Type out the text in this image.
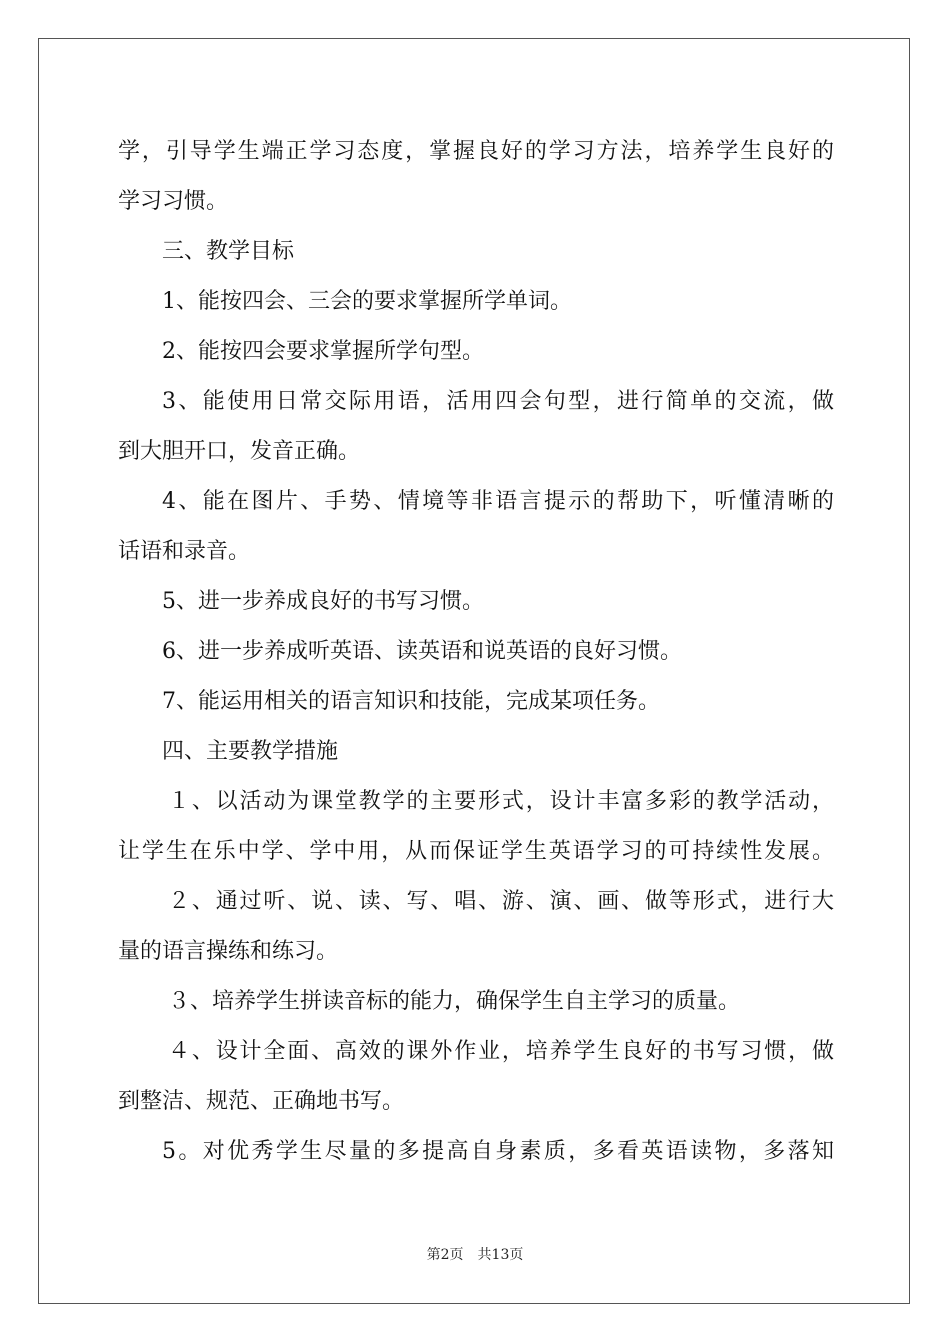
学，引导学生端正学习态度，掌握良好的学习方法，培养学生良好的
学习习惯。
三、教学目标
1、能按四会、三会的要求掌握所学单词。
2、能按四会要求掌握所学句型。
3、能使用日常交际用语，活用四会句型，进行简单的交流，做
到大胆开口，发音正确。
4、能在图片、手势、情境等非语言提示的帮助下，听懂清晰的
话语和录音。
5、进一步养成良好的书写习惯。
6、进一步养成听英语、读英语和说英语的良好习惯。
7、能运用相关的语言知识和技能，完成某项任务。
四、主要教学措施
１、以活动为课堂教学的主要形式，设计丰富多彩的教学活动，
让学生在乐中学、学中用，从而保证学生英语学习的可持续性发展。
２、通过听、说、读、写、唱、游、演、画、做等形式，进行大
量的语言操练和练习。
３、培养学生拼读音标的能力，确保学生自主学习的质量。
４、设计全面、高效的课外作业，培养学生良好的书写习惯，做
到整洁、规范、正确地书写。
5。对优秀学生尽量的多提高自身素质，多看英语读物，多落知
第2页　共13页
